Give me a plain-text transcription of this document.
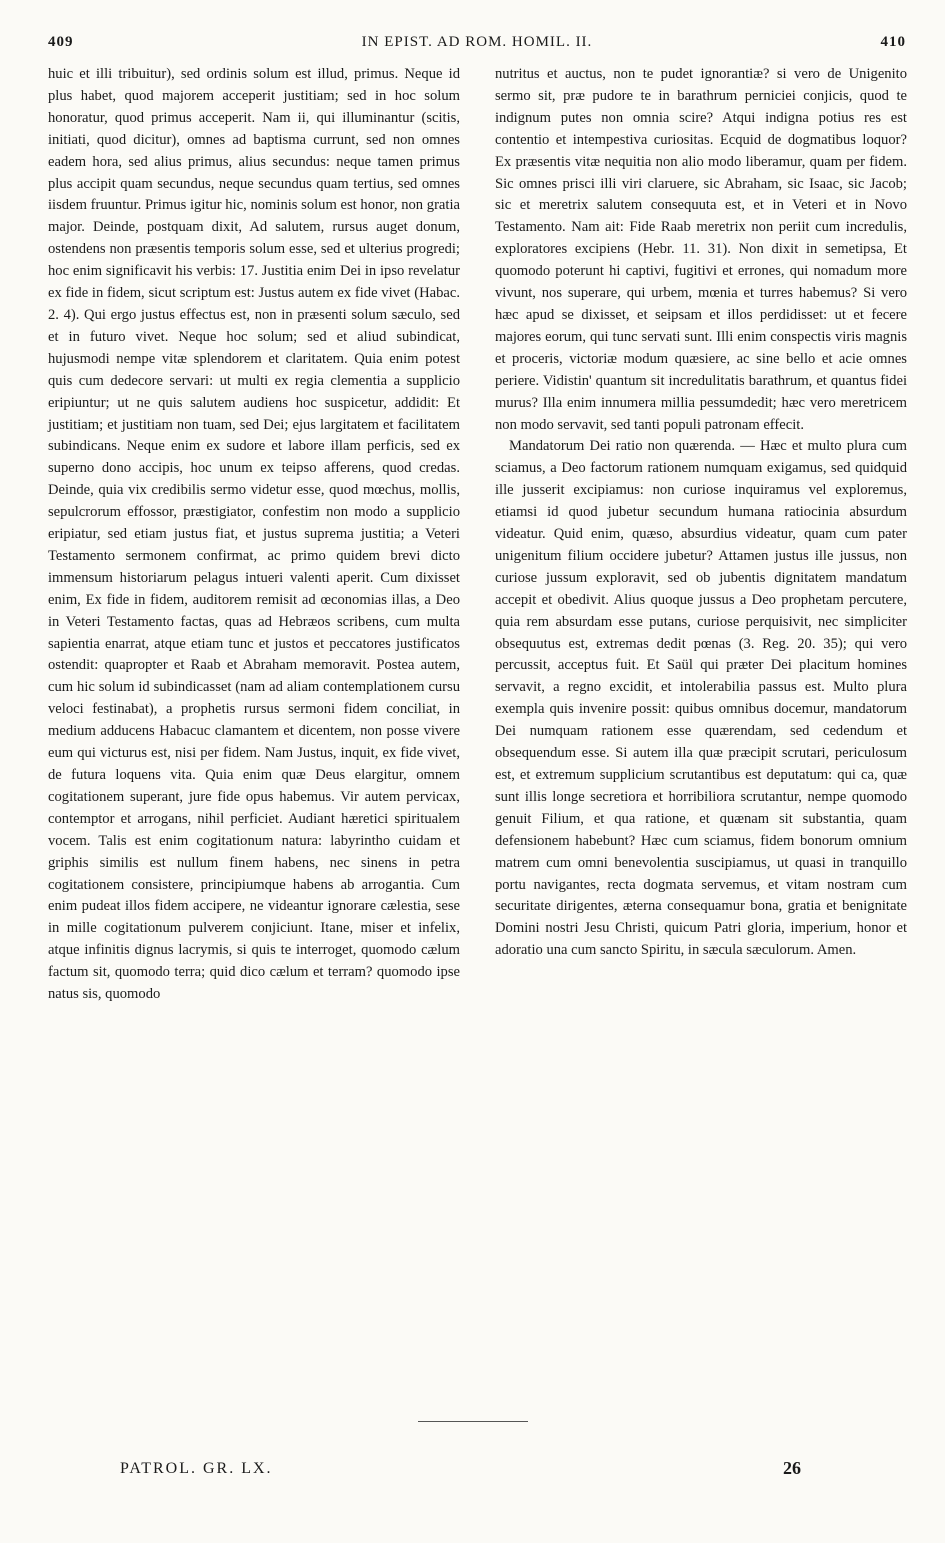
409	IN EPIST. AD ROM. HOMIL. II.	410

huic et illi tribuitur), sed ordinis solum est illud, primus. Neque id plus habet, quod majorem acceperit justitiam; sed in hoc solum honoratur, quod primus acceperit. Nam ii, qui illuminantur (scitis, initiati, quod dicitur), omnes ad baptisma currunt, sed non omnes eadem hora, sed alius primus, alius secundus: neque tamen primus plus accipit quam secundus, neque secundus quam tertius, sed omnes iisdem fruuntur. Primus igitur hic, nominis solum est honor, non gratia major. Deinde, postquam dixit, Ad salutem, rursus auget donum, ostendens non præsentis temporis solum esse, sed et ulterius progredi; hoc enim significavit his verbis: 17. Justitia enim Dei in ipso revelatur ex fide in fidem, sicut scriptum est: Justus autem ex fide vivet (Habac. 2. 4). Qui ergo justus effectus est, non in præsenti solum sæculo, sed et in futuro vivet. Neque hoc solum; sed et aliud subindicat, hujusmodi nempe vitæ splendorem et claritatem. Quia enim potest quis cum dedecore servari: ut multi ex regia clementia a supplicio eripiuntur; ut ne quis salutem audiens hoc suspicetur, addidit: Et justitiam; et justitiam non tuam, sed Dei; ejus largitatem et facilitatem subindicans. Neque enim ex sudore et labore illam perficis, sed ex superno dono accipis, hoc unum ex teipso afferens, quod credas. Deinde, quia vix credibilis sermo videtur esse, quod mœchus, mollis, sepulcrorum effossor, præstigiator, confestim non modo a supplicio eripiatur, sed etiam justus fiat, et justus suprema justitia; a Veteri Testamento sermonem confirmat, ac primo quidem brevi dicto immensum historiarum pelagus intueri valenti aperit. Cum dixisset enim, Ex fide in fidem, auditorem remisit ad œconomias illas, a Deo in Veteri Testamento factas, quas ad Hebræos scribens, cum multa sapientia enarrat, atque etiam tunc et justos et peccatores justificatos ostendit: quapropter et Raab et Abraham memoravit. Postea autem, cum hic solum id subindicasset (nam ad aliam contemplationem cursu veloci festinabat), a prophetis rursus sermoni fidem conciliat, in medium adducens Habacuc clamantem et dicentem, non posse vivere eum qui victurus est, nisi per fidem. Nam Justus, inquit, ex fide vivet, de futura loquens vita. Quia enim quæ Deus elargitur, omnem cogitationem superant, jure fide opus habemus. Vir autem pervicax, contemptor et arrogans, nihil perficiet. Audiant hæretici spiritualem vocem. Talis est enim cogitationum natura: labyrintho cuidam et griphis similis est nullum finem habens, nec sinens in petra cogitationem consistere, principiumque habens ab arrogantia. Cum enim pudeat illos fidem accipere, ne videantur ignorare cælestia, sese in mille cogitationum pulverem conjiciunt. Itane, miser et infelix, atque infinitis dignus lacrymis, si quis te interroget, quomodo cælum factum sit, quomodo terra; quid dico cælum et terram? quomodo ipse natus sis, quomodo

nutritus et auctus, non te pudet ignorantiæ? si vero de Unigenito sermo sit, præ pudore te in barathrum perniciei conjicis, quod te indignum putes non omnia scire? Atqui indigna potius res est contentio et intempestiva curiositas. Ecquid de dogmatibus loquor? Ex præsentis vitæ nequitia non alio modo liberamur, quam per fidem. Sic omnes prisci illi viri claruere, sic Abraham, sic Isaac, sic Jacob; sic et meretrix salutem consequuta est, et in Veteri et in Novo Testamento. Nam ait: Fide Raab meretrix non periit cum incredulis, exploratores excipiens (Hebr. 11. 31). Non dixit in semetipsa, Et quomodo poterunt hi captivi, fugitivi et errones, qui nomadum more vivunt, nos superare, qui urbem, mœnia et turres habemus? Si vero hæc apud se dixisset, et seipsam et illos perdidisset: ut et fecere majores eorum, qui tunc servati sunt. Illi enim conspectis viris magnis et proceris, victoriæ modum quæsiere, ac sine bello et acie omnes periere. Vidistin' quantum sit incredulitatis barathrum, et quantus fidei murus? Illa enim innumera millia pessumdedit; hæc vero meretricem non modo servavit, sed tanti populi patronam effecit.

Mandatorum Dei ratio non quærenda. — Hæc et multo plura cum sciamus, a Deo factorum rationem numquam exigamus, sed quidquid ille jusserit excipiamus: non curiose inquiramus vel exploremus, etiamsi id quod jubetur secundum humana ratiocinia absurdum videatur. Quid enim, quæso, absurdius videatur, quam cum pater unigenitum filium occidere jubetur? Attamen justus ille jussus, non curiose jussum exploravit, sed ob jubentis dignitatem mandatum accepit et obedivit. Alius quoque jussus a Deo prophetam percutere, quia rem absurdam esse putans, curiose perquisivit, nec simpliciter obsequutus est, extremas dedit pœnas (3. Reg. 20. 35); qui vero percussit, acceptus fuit. Et Saül qui præter Dei placitum homines servavit, a regno excidit, et intolerabilia passus est. Multo plura exempla quis invenire possit: quibus omnibus docemur, mandatorum Dei numquam rationem esse quærendam, sed cedendum et obsequendum esse. Si autem illa quæ præcipit scrutari, periculosum est, et extremum supplicium scrutantibus est deputatum: qui ca, quæ sunt illis longe secretiora et horribiliora scrutantur, nempe quomodo genuit Filium, et qua ratione, et quænam sit substantia, quam defensionem habebunt? Hæc cum sciamus, fidem bonorum omnium matrem cum omni benevolentia suscipiamus, ut quasi in tranquillo portu navigantes, recta dogmata servemus, et vitam nostram cum securitate dirigentes, æterna consequamur bona, gratia et benignitate Domini nostri Jesu Christi, quicum Patri gloria, imperium, honor et adoratio una cum sancto Spiritu, in sæcula sæculorum. Amen.

PATROL. GR. LX.	26
